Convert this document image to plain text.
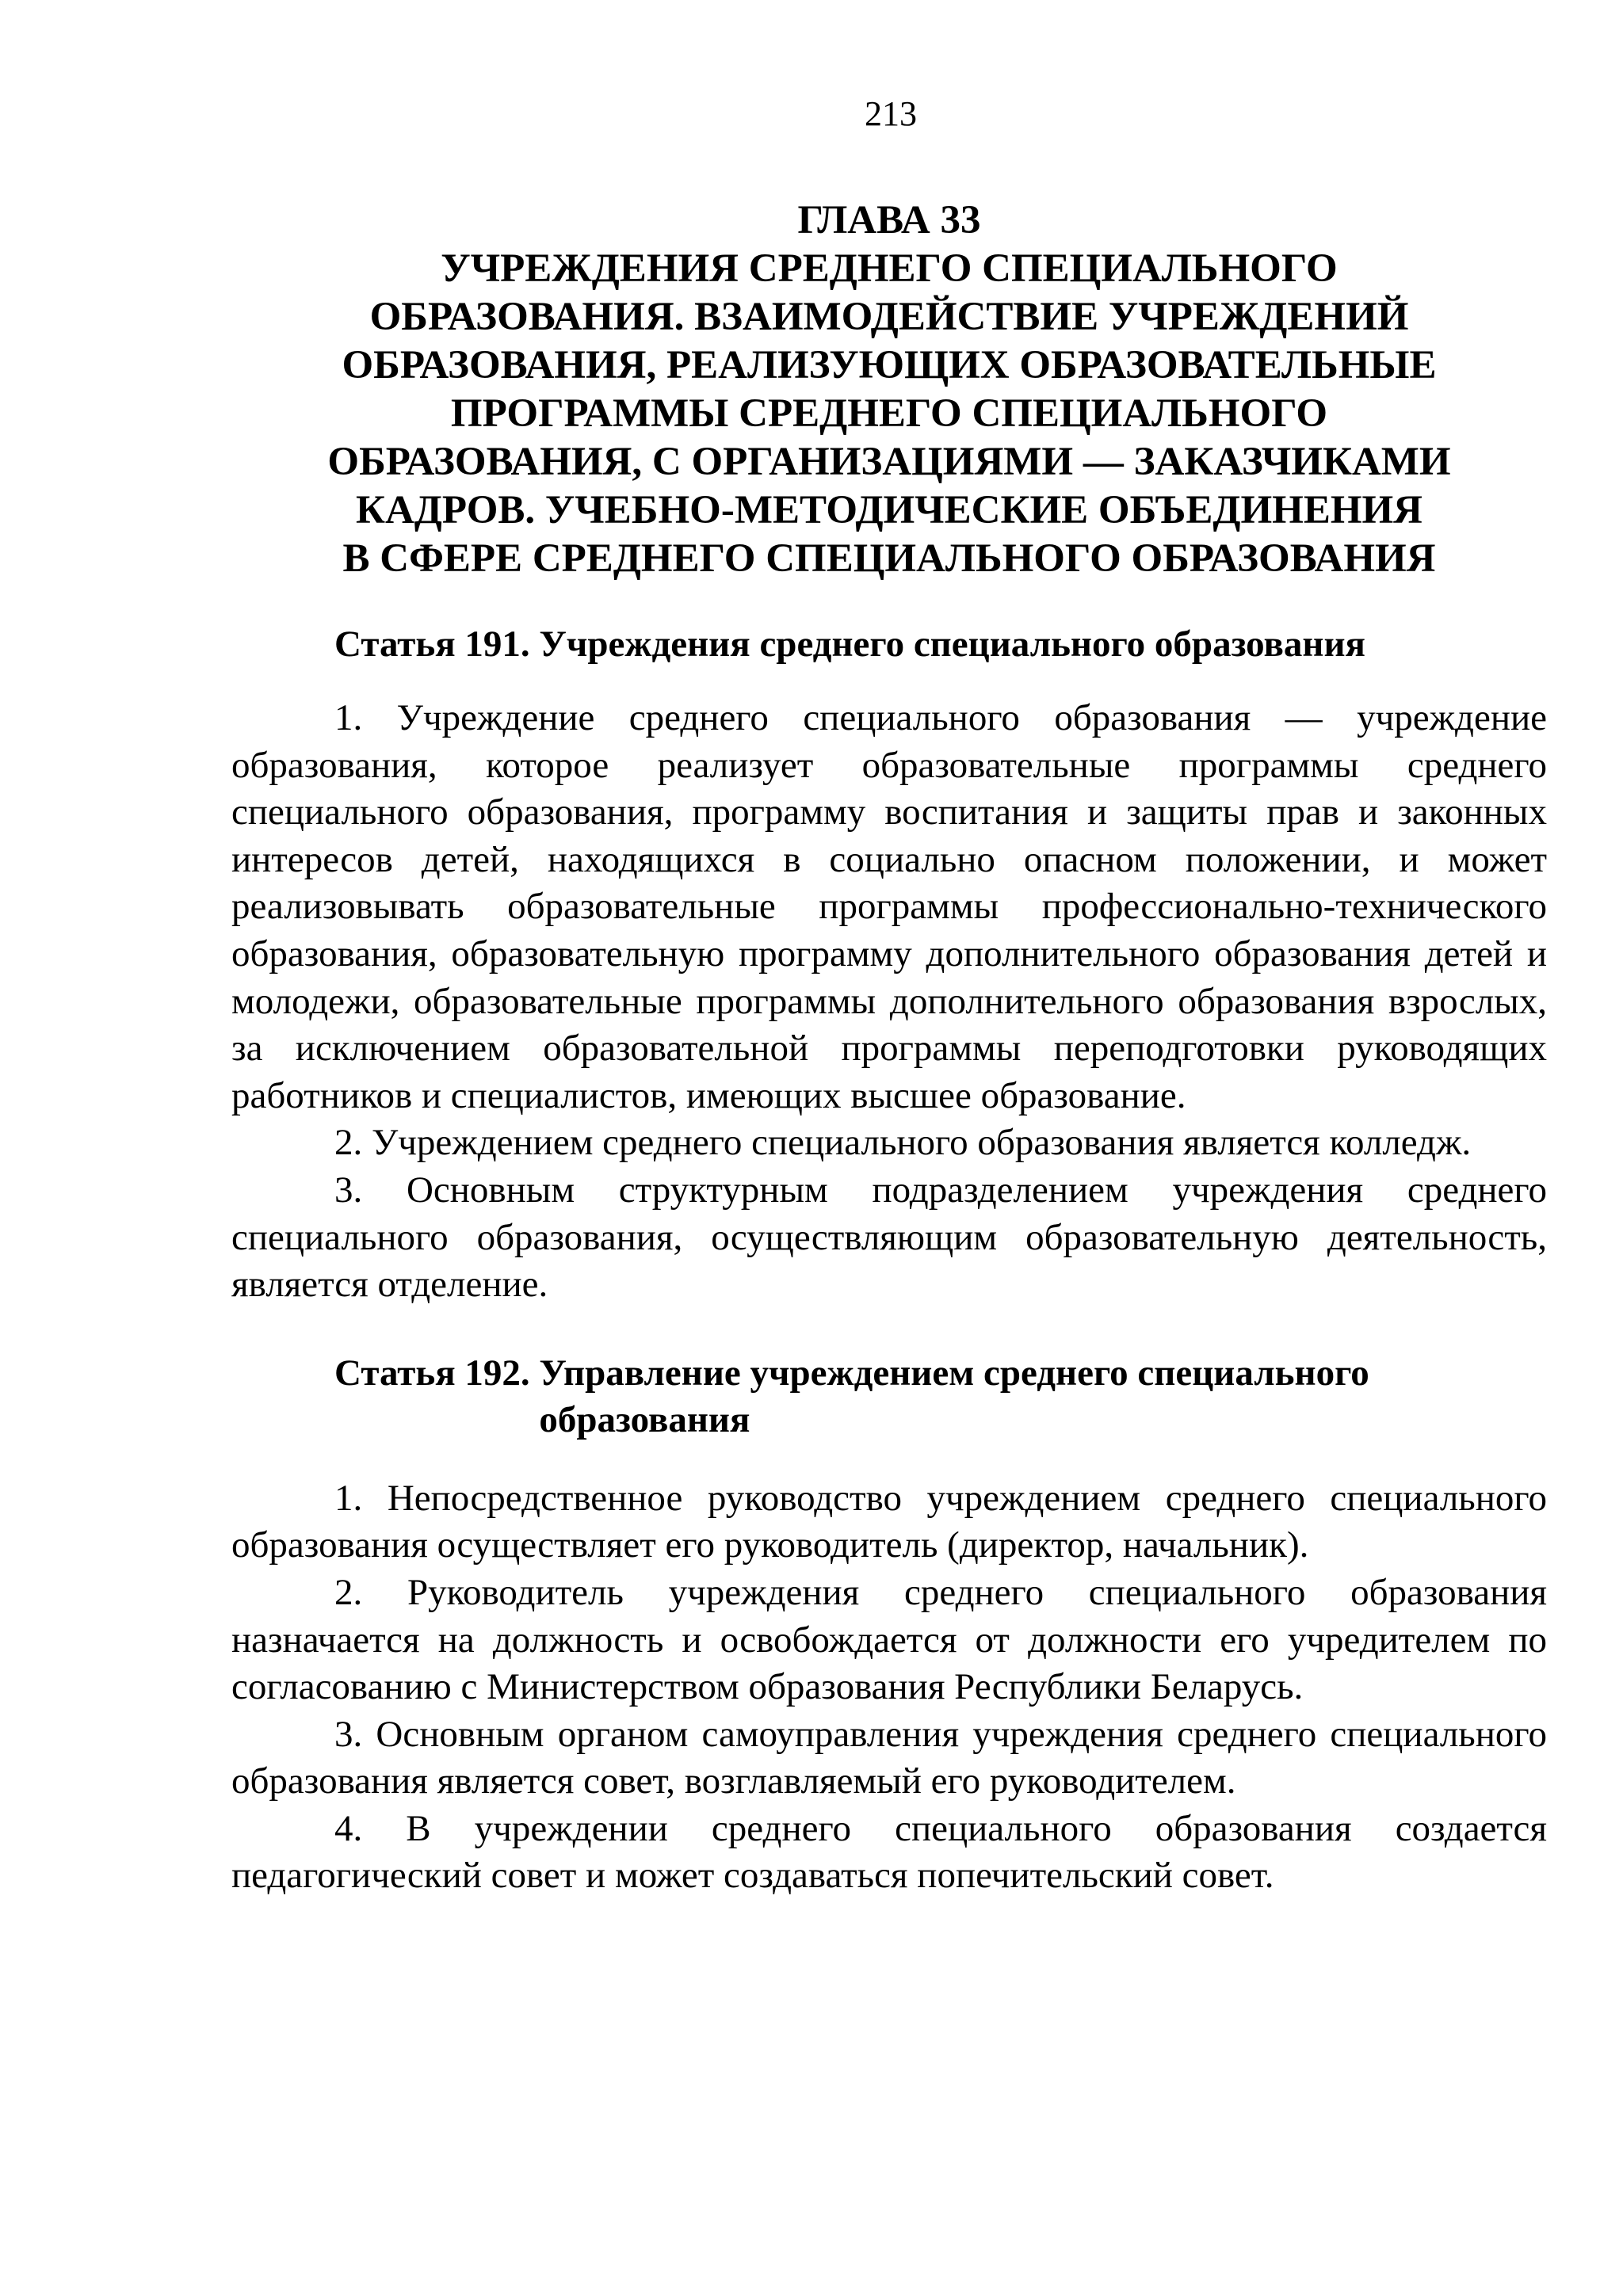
213
ГЛАВА 33
УЧРЕЖДЕНИЯ СРЕДНЕГО СПЕЦИАЛЬНОГО
ОБРАЗОВАНИЯ. ВЗАИМОДЕЙСТВИЕ УЧРЕЖДЕНИЙ
ОБРАЗОВАНИЯ, РЕАЛИЗУЮЩИХ ОБРАЗОВАТЕЛЬНЫЕ
ПРОГРАММЫ СРЕДНЕГО СПЕЦИАЛЬНОГО
ОБРАЗОВАНИЯ, С ОРГАНИЗАЦИЯМИ — ЗАКАЗЧИКАМИ
КАДРОВ. УЧЕБНО-МЕТОДИЧЕСКИЕ ОБЪЕДИНЕНИЯ
В СФЕРЕ СРЕДНЕГО СПЕЦИАЛЬНОГО ОБРАЗОВАНИЯ
Статья 191.
Учреждения среднего специального образования

1. Учреждение среднего специального образования — учреждение образования, которое реализует образовательные программы среднего специального образования, программу воспитания и защиты прав и законных интересов детей, находящихся в социально опасном положении, и может реализовывать образовательные программы профессионально-технического образования, образовательную программу дополнительного образования детей и молодежи, образовательные программы дополнительного образования взрослых, за исключением образовательной программы переподготовки руководящих работников и специалистов, имеющих высшее образование.

2. Учреждением среднего специального образования является колледж.

3. Основным структурным подразделением учреждения среднего специального образования, осуществляющим образовательную деятельность, является отделение.

Статья 192.
Управление учреждением среднего специального образования

1. Непосредственное руководство учреждением среднего специального образования осуществляет его руководитель (директор, начальник).

2. Руководитель учреждения среднего специального образования назначается на должность и освобождается от должности его учредителем по согласованию с Министерством образования Республики Беларусь.

3. Основным органом самоуправления учреждения среднего специального образования является совет, возглавляемый его руководителем.

4. В учреждении среднего специального образования создается педагогический совет и может создаваться попечительский совет.
